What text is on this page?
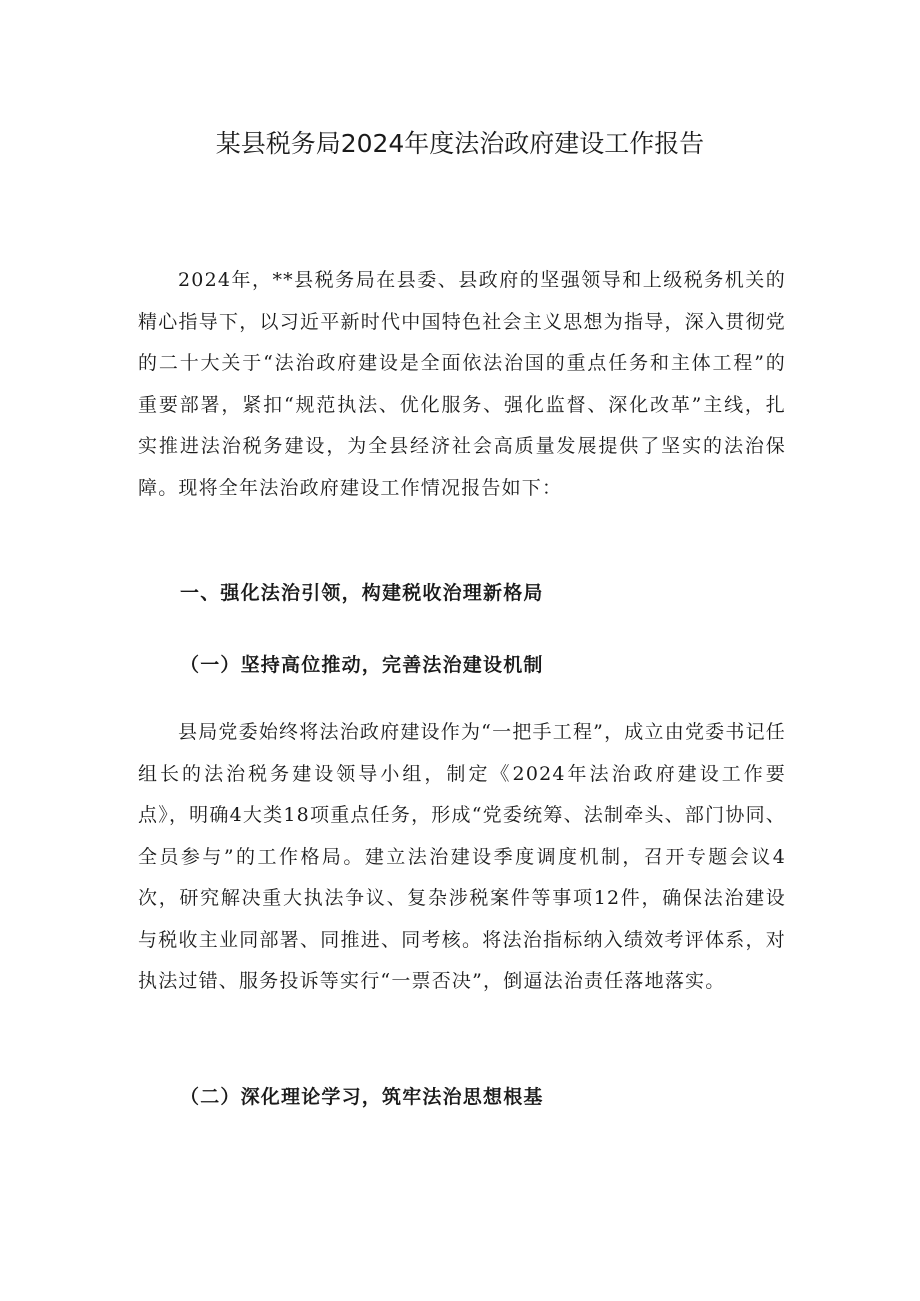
某县税务局2024年度法治政府建设工作报告

2024年，**县税务局在县委、县政府的坚强领导和上级税务机关的精心指导下，以习近平新时代中国特色社会主义思想为指导，深入贯彻党的二十大关于“法治政府建设是全面依法治国的重点任务和主体工程”的重要部署，紧扣“规范执法、优化服务、强化监督、深化改革”主线，扎实推进法治税务建设，为全县经济社会高质量发展提供了坚实的法治保障。现将全年法治政府建设工作情况报告如下：

一、强化法治引领，构建税收治理新格局
（一）坚持高位推动，完善法治建设机制

县局党委始终将法治政府建设作为“一把手工程”，成立由党委书记任组长的法治税务建设领导小组，制定《2024年法治政府建设工作要点》，明确4大类18项重点任务，形成“党委统筹、法制牵头、部门协同、全员参与”的工作格局。建立法治建设季度调度机制，召开专题会议4次，研究解决重大执法争议、复杂涉税案件等事项12件，确保法治建设与税收主业同部署、同推进、同考核。将法治指标纳入绩效考评体系，对执法过错、服务投诉等实行“一票否决”，倒逼法治责任落地落实。

（二）深化理论学习，筑牢法治思想根基
